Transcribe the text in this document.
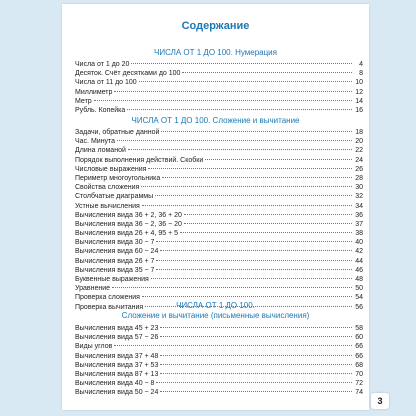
Содержание
ЧИСЛА ОТ 1 ДО 100. Нумерация
Числа от 1 до 20	4
Десяток. Счёт десятками до 100	8
Числа от 11 до 100	10
Миллиметр	12
Метр	14
Рубль. Копейка	16
ЧИСЛА ОТ 1 ДО 100. Сложение и вычитание
Задачи, обратные данной	18
Час. Минута	20
Длина ломаной	22
Порядок выполнения действий. Скобки	24
Числовые выражения	26
Периметр многоугольника	28
Свойства сложения	30
Столбчатые диаграммы	32
Устные вычисления	34
Вычисления вида 36 + 2, 36 + 20	36
Вычисления вида 36 − 2, 36 − 20	37
Вычисления вида 26 + 4, 95 + 5	38
Вычисления вида 30 − 7	40
Вычисления вида 60 − 24	42
Вычисления вида 26 + 7	44
Вычисления вида 35 − 7	46
Буквенные выражения	48
Уравнение	50
Проверка сложения	54
Проверка вычитания	56
ЧИСЛА ОТ 1 ДО 100.
Сложение и вычитание (письменные вычисления)
Вычисления вида 45 + 23	58
Вычисления вида 57 − 26	60
Виды углов	66
Вычисления вида 37 + 48	66
Вычисления вида 37 + 53	68
Вычисления вида 87 + 13	70
Вычисления вида 40 − 8	72
Вычисления вида 50 − 24	74
3
